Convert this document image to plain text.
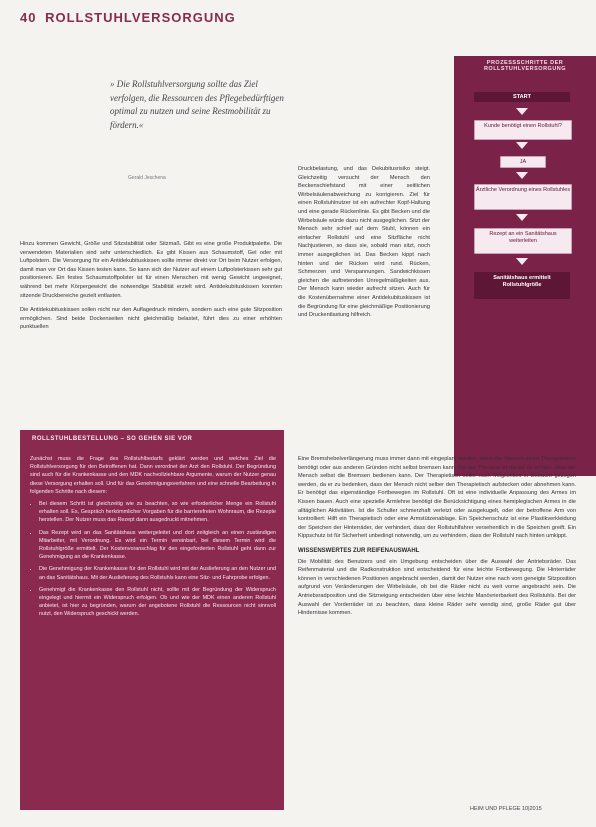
40 ROLLSTUHLVERSORGUNG
» Die Rollstuhlversorgung sollte das Ziel verfolgen, die Ressourcen des Pflegebedürftigen optimal zu nutzen und seine Restmobilität zu fördern.«
Gerald Jeschena

Hinzu kommen Gewicht, Größe und Sitzstabilität oder Sitzmaß. Gibt es eine große Produktpalette. Die verwendeten Materialien sind sehr unterschiedlich. Es gibt Kissen aus Schaumstoff, Gel oder mit Luftpolstern. Die Versorgung für ein Antidekubituskissen sollte immer direkt vor Ort beim Nutzer erfolgen, damit man vor Ort das Kissen testen kann. So kann sich der Nutzer auf einem Luftpolsterkissen sehr gut positionieren. Ein festes Schaumstoffpolster ist für einen Menschen mit wenig Gewicht ungeeignet, während bei mehr Körpergewicht die notwendige Stabilität erzielt wird. Antidekubituskissen konnten sitzende Druckbereiche gezielt entlasten.

Die Antidekubituskissen sollen nicht nur den Auflagedruck mindern, sondern auch eine gute Sitzposition ermöglichen. Sind beide Dockenseiten nicht gleichmäßig belastet, führt dies zu einer erhöhten punktuellen

Druckbelastung, und das Dekubitusrisiko steigt. Gleichzeitig versucht der Mensch den Beckenschiefstand mit einer seitlichen Wirbelsäulenabweichung zu korrigieren. Ziel für einen Rollstuhlnutzer ist ein aufrechter Kopf-Haltung und eine gerade Rückenlinie. Es gibt Becken und die Wirbelsäule würde dazu nicht ausgeglichen. Sitzt der Mensch sehr schief auf dem Stuhl, können ein einfacher Rollstuhl und eine Sitzfläche nicht Nachjustieren, so dass sie, sobald man sitzt, noch immer ausgeglichen ist. Das Becken kippt nach hinten und der Rücken wird rund. Rücken, Schmerzen und Verspannungen. Sandwichkissen gleichen die auftretenden Unregelmäßigkeiten aus. Der Mensch kann wieder aufrecht sitzen. Auch für die Kostenübernahme einer Antidekubituskissen ist die Begründung für eine gleichmäßige Positionierung und Druckentlastung hilfreich.

PROZESSSCHRITTE DER ROLLSTUHLVERSORGUNG
START
Kunde benötigt einen Rollstuhl?
JA
Ärztliche Verordnung eines Rollstuhles
Rezept an ein Sanitätshaus weiterleiten
Sanitätshaus ermittelt Rollstuhlgröße
ROLLSTUHLBESTELLUNG – SO GEHEN SIE VOR
Zunächst muss die Frage des Rollstuhlbedarfs geklärt werden und welches Ziel die Rollstuhlversorgung für den Betroffenen hat. Dann verordnet der Arzt den Rollstuhl. Der Begründung sind auch für die Krankenkasse und den MDK nachvollziehbare Argumente, warum der Nutzer genau diese Versorgung erhalten soll. Und für das Genehmigungsverfahren und eine schnelle Bearbeitung in folgenden Schritte nach diesem:
• Bei diesem Schritt ist gleichzeitig wie zu beachten, so wie erforderlicher Menge ein Rollstuhl erhalten soll. Es, Gespräch herkömmlicher Vorgaben für die barrierefreien Wohnraum, die Rezepte herstellen. Der Nutzer muss das Rezept dann ausgedruckt mitnehmen.
• Das Rezept wird an das Sanitätshaus weitergeleitet und dort zeitgleich an einen zuständigen Mitarbeiter, mit Verordnung. Es wird ein Termin vereinbart, bei diesem Termin wird die Rollstuhlgröße ermittelt. Der Kostenvoranschlag für den eingeforderten Rollstuhl geht dann zur Genehmigung an die Krankenkasse.
• Die Genehmigung der Krankenkasse für den Rollstuhl wird mit der Auslieferung an den Nutzer und an das Sanitätshaus. Mit der Auslieferung des Rollstuhls kann eine Sitz- und Fahrprobe erfolgen.
• Genehmigt die Krankenkasse den Rollstuhl nicht, sollte mit der Begründung der Widerspruch eingelegt und hiermit ein Widerspruch erfolgen. Ob und wie der MDK einen anderen Rollstuhl anbietet, ist hier zu begründen, warum der angebotene Rollstuhl die Ressourcen nicht sinnvoll nutzt, den Widerspruch geschickt werden.

Eine Bremshebelverlängerung muss immer dann mit eingeplant werden, wenn der Mensch einen Therapiestock benötigt oder aus anderen Gründen nicht selbst bremsen kann. Bei der Therapie ist darauf zu achten, dass der Mensch selbst die Bremsen bedienen kann. Der Therapietisch sollte nach Möglichkeit in Betracht gezogen werden, da er zu bedenken, dass der Mensch nicht selber den Therapietisch aufstecken oder abnehmen kann. Er benötigt das eigenständige Fortbewegen im Rollstuhl. Oft ist eine individuelle Anpassung des Armes im Kissen bauen. Auch eine spezielle Armlehne benötigt die Berücksichtigung eines hemiplegischen Armes in die alltäglichen Aktivitäten. Ist die Schulter schmerzhaft verletzt oder ausgekugelt, oder der betroffene Arm von kontrolliert: Hilft ein Therapietisch oder eine Armstützenablage. Ein Speichenschutz ist eine Plastikverkleidung der Speichen der Hinterräder, der verhindert, dass der Rollstuhlfahrer versehentlich in die Speichen greift. Ein Kippschutz ist für Sicherheit unbedingt notwendig, um zu verhindern, dass der Rollstuhl nach hinten umkippt.

WISSENSWERTES ZUR REIFENAUSWAHL

Die Mobilität des Benutzers und ein Umgebung entscheiden über die Auswahl der Antriebsräder. Das Reifenmaterial und die Radkonstruktion sind entscheidend für eine leichte Fortbewegung. Die Hinterräder können in verschiedenen Positionen angebracht werden, damit der Nutzer eine nach vorn geneigte Sitzposition aufgrund von Veränderungen der Wirbelsäule, ob bei die Räder nicht zu weit vorne angebracht sein. Die Antriebsradposition und die Sitzneigung entscheiden über eine leichte Manövrierbarkeit des Rollstuhls. Bei der Auswahl der Vorderräder ist zu beachten, dass kleine Räder sehr wendig sind, große Räder gut über Hindernisse kommen.

HEIM UND PFLEGE 10|2015
